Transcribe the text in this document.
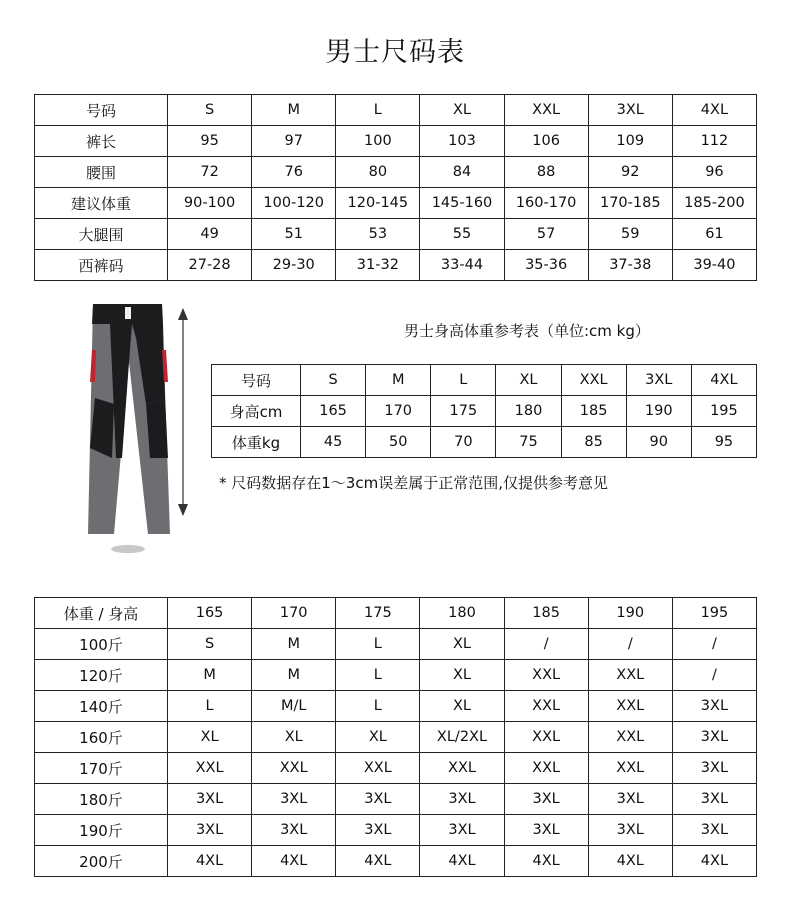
男士尺码表
号码	S	M	L	XL	XXL	3XL	4XL
裤长	95	97	100	103	106	109	112
腰围	72	76	80	84	88	92	96
建议体重	90-100	100-120	120-145	145-160	160-170	170-185	185-200
大腿围	49	51	53	55	57	59	61
西裤码	27-28	29-30	31-32	33-44	35-36	37-38	39-40
男士身高体重参考表（单位:cm kg）
号码	S	M	L	XL	XXL	3XL	4XL
身高cm	165	170	175	180	185	190	195
体重kg	45	50	70	75	85	90	95
* 尺码数据存在1～3cm误差属于正常范围,仅提供参考意见
体重 / 身高	165	170	175	180	185	190	195
100斤	S	M	L	XL	/	/	/
120斤	M	M	L	XL	XXL	XXL	/
140斤	L	M/L	L	XL	XXL	XXL	3XL
160斤	XL	XL	XL	XL/2XL	XXL	XXL	3XL
170斤	XXL	XXL	XXL	XXL	XXL	XXL	3XL
180斤	3XL	3XL	3XL	3XL	3XL	3XL	3XL
190斤	3XL	3XL	3XL	3XL	3XL	3XL	3XL
200斤	4XL	4XL	4XL	4XL	4XL	4XL	4XL
